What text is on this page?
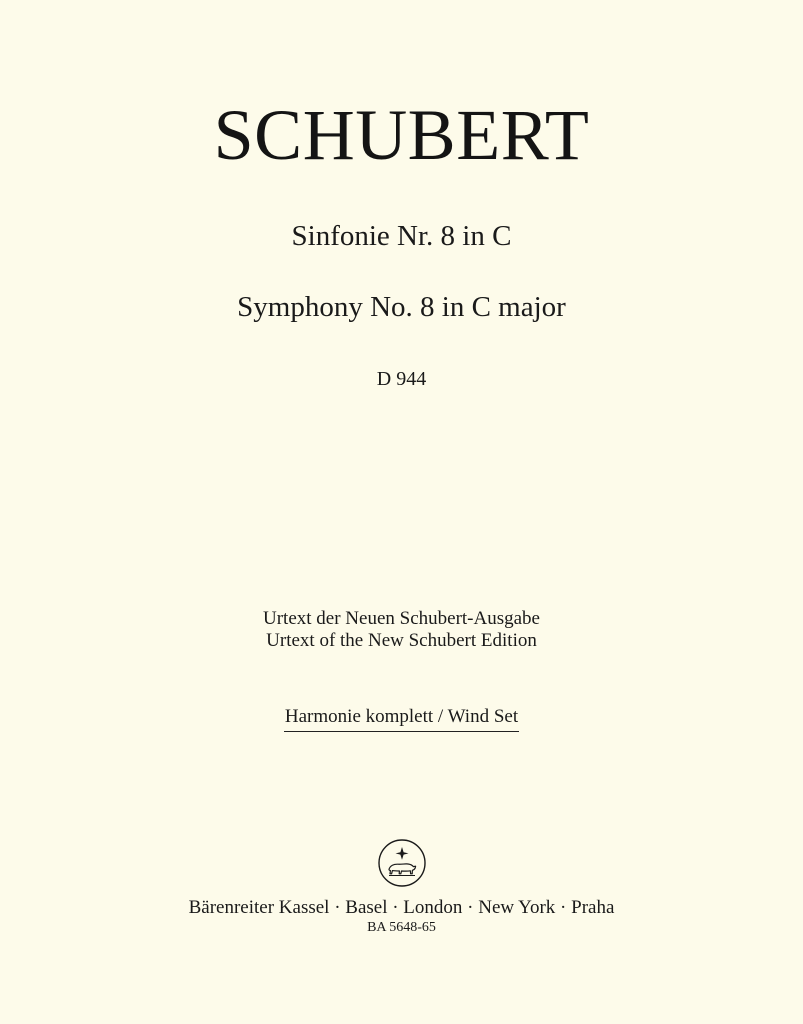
SCHUBERT
Sinfonie Nr. 8 in C
Symphony No. 8 in C major
D 944
Urtext der Neuen Schubert-Ausgabe
Urtext of the New Schubert Edition
Harmonie komplett / Wind Set
Bärenreiter Kassel · Basel · London · New York · Praha
BA 5648-65
